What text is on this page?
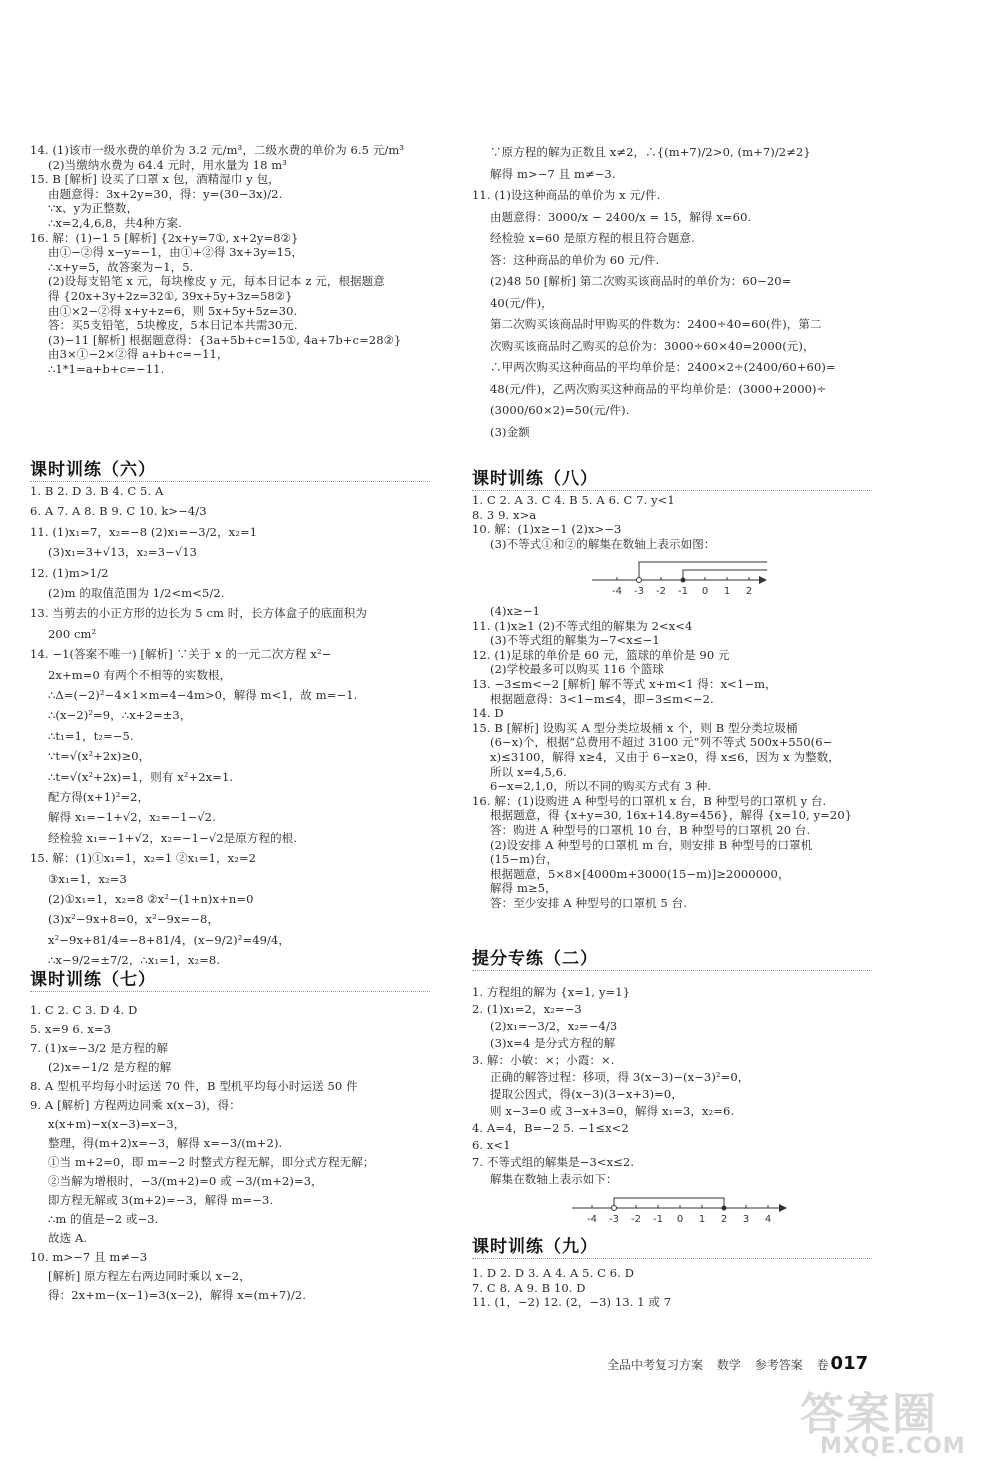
14. (1)该市一级水费的单价为 3.2 元/m³，二级水费的单价为 6.5 元/m³
(2)当缴纳水费为 64.4 元时，用水量为 18 m³
15. B [解析] 设买了口罩 x 包，酒精湿巾 y 包，
由题意得：3x+2y=30，得：y=(30−3x)/2.
∵x、y为正整数，
∴x=2,4,6,8，共4种方案.
16. 解：(1)−1 5 [解析] {2x+y=7①, x+2y=8②}
由①−②得 x−y=−1，由①+②得 3x+3y=15，
∴x+y=5，故答案为−1，5.
(2)设每支铅笔 x 元，每块橡皮 y 元，每本日记本 z 元，根据题意
得 {20x+3y+2z=32①, 39x+5y+3z=58②}
由①×2−②得 x+y+z=6，则 5x+5y+5z=30.
答：买5支铅笔，5块橡皮，5本日记本共需30元.
(3)−11 [解析] 根据题意得：{3a+5b+c=15①, 4a+7b+c=28②}
由3×①−2×②得 a+b+c=−11，
∴1*1=a+b+c=−11.
课时训练（六）
1. B 2. D 3. B 4. C 5. A
6. A 7. A 8. B 9. C 10. k>−4/3
11. (1)x₁=7，x₂=−8 (2)x₁=−3/2，x₂=1
(3)x₁=3+√13，x₂=3−√13
12. (1)m>1/2
(2)m 的取值范围为 1/2<m<5/2.
13. 当剪去的小正方形的边长为 5 cm 时，长方体盒子的底面积为
200 cm²
14. −1(答案不唯一) [解析] ∵关于 x 的一元二次方程 x²−
2x+m=0 有两个不相等的实数根，
∴Δ=(−2)²−4×1×m=4−4m>0，解得 m<1，故 m=−1.
∴(x−2)²=9，∴x+2=±3，
∴t₁=1，t₂=−5.
∵t=√(x²+2x)≥0，
∴t=√(x²+2x)=1，则有 x²+2x=1.
配方得(x+1)²=2，
解得 x₁=−1+√2，x₂=−1−√2.
经检验 x₁=−1+√2，x₂=−1−√2是原方程的根.
15. 解：(1)①x₁=1，x₂=1 ②x₁=1，x₂=2
③x₁=1，x₂=3
(2)①x₁=1，x₂=8 ②x²−(1+n)x+n=0
(3)x²−9x+8=0，x²−9x=−8，
x²−9x+81/4=−8+81/4，(x−9/2)²=49/4，
∴x−9/2=±7/2，∴x₁=1，x₂=8.
课时训练（七）
1. C 2. C 3. D 4. D
5. x=9 6. x=3
7. (1)x=−3/2 是方程的解
(2)x=−1/2 是方程的解
8. A 型机平均每小时运送 70 件，B 型机平均每小时运送 50 件
9. A [解析] 方程两边同乘 x(x−3)，得：
x(x+m)−x(x−3)=x−3，
整理，得(m+2)x=−3，解得 x=−3/(m+2).
①当 m+2=0，即 m=−2 时整式方程无解，即分式方程无解；
②当解为增根时，−3/(m+2)=0 或 −3/(m+2)=3，
即方程无解或 3(m+2)=−3，解得 m=−3.
∴m 的值是−2 或−3.
故选 A.
10. m>−7 且 m≠−3
[解析] 原方程左右两边同时乘以 x−2，
得：2x+m−(x−1)=3(x−2)，解得 x=(m+7)/2.
∵原方程的解为正数且 x≠2，∴{(m+7)/2>0, (m+7)/2≠2}
解得 m>−7 且 m≠−3.
11. (1)设这种商品的单价为 x 元/件.
由题意得：3000/x − 2400/x = 15，解得 x=60.
经检验 x=60 是原方程的根且符合题意.
答：这种商品的单价为 60 元/件.
(2)48 50 [解析] 第二次购买该商品时的单价为：60−20=
40(元/件)，
第二次购买该商品时甲购买的件数为：2400÷40=60(件)，第二
次购买该商品时乙购买的总价为：3000÷60×40=2000(元)，
∴甲两次购买这种商品的平均单价是：2400×2÷(2400/60+60)=
48(元/件)，乙两次购买这种商品的平均单价是：(3000+2000)÷
(3000/60×2)=50(元/件).
(3)金额
课时训练（八）
1. C 2. A 3. C 4. B 5. A 6. C 7. y<1
8. 3 9. x>a
10. 解：(1)x≥−1 (2)x>−3
(3)不等式①和②的解集在数轴上表示如图：
-4 -3 -2 -1 0 1 2
(4)x≥−1
11. (1)x≥1 (2)不等式组的解集为 2<x<4
(3)不等式组的解集为−7<x≤−1
12. (1)足球的单价是 60 元，篮球的单价是 90 元
(2)学校最多可以购买 116 个篮球
13. −3≤m<−2 [解析] 解不等式 x+m<1 得：x<1−m，
根据题意得：3<1−m≤4，即−3≤m<−2.
14. D
15. B [解析] 设购买 A 型分类垃圾桶 x 个，则 B 型分类垃圾桶
(6−x)个，根据“总费用不超过 3100 元”列不等式 500x+550(6−
x)≤3100，解得 x≥4，又由于 6−x≥0，得 x≤6，因为 x 为整数，
所以 x=4,5,6.
6−x=2,1,0，所以不同的购买方式有 3 种.
16. 解：(1)设购进 A 种型号的口罩机 x 台，B 种型号的口罩机 y 台.
根据题意，得 {x+y=30, 16x+14.8y=456}，解得 {x=10, y=20}
答：购进 A 种型号的口罩机 10 台，B 种型号的口罩机 20 台.
(2)设安排 A 种型号的口罩机 m 台，则安排 B 种型号的口罩机
(15−m)台，
根据题意，5×8×[4000m+3000(15−m)]≥2000000，
解得 m≥5，
答：至少安排 A 种型号的口罩机 5 台.
提分专练（二）
1. 方程组的解为 {x=1, y=1}
2. (1)x₁=2，x₂=−3
(2)x₁=−3/2，x₂=−4/3
(3)x=4 是分式方程的解
3. 解：小敏：×；小霞：×.
正确的解答过程：移项，得 3(x−3)−(x−3)²=0，
提取公因式，得(x−3)(3−x+3)=0，
则 x−3=0 或 3−x+3=0，解得 x₁=3，x₂=6.
4. A=4，B=−2 5. −1≤x<2
6. x<1
7. 不等式组的解集是−3<x≤2.
解集在数轴上表示如下：
-4 -3 -2 -1 0 1 2 3 4
课时训练（九）
1. D 2. D 3. A 4. A 5. C 6. D
7. C 8. A 9. B 10. D
11. (1，−2) 12. (2，−3) 13. 1 或 7
全品中考复习方案 数学 参考答案 卷 017
答案圈
MXQE.COM
